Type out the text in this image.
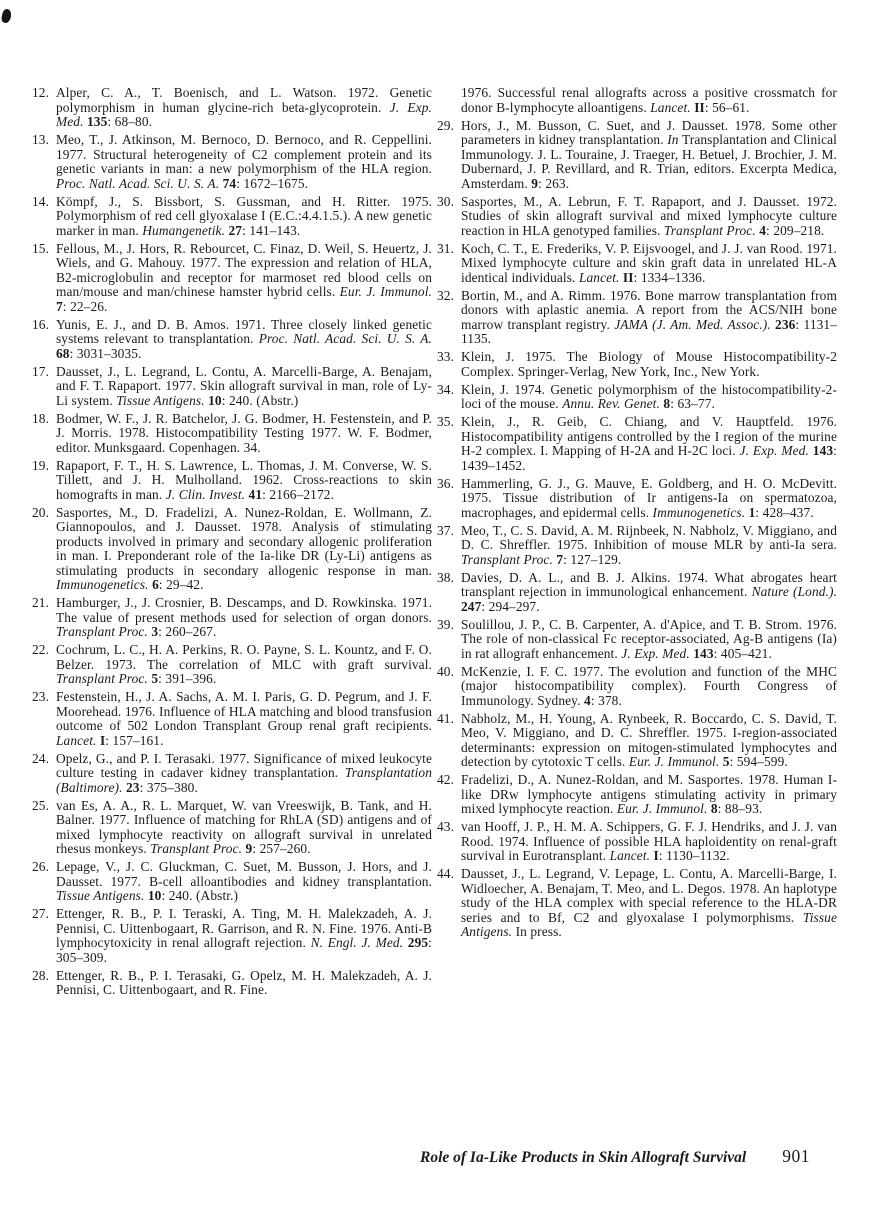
12. Alper, C. A., T. Boenisch, and L. Watson. 1972. Genetic polymorphism in human glycine-rich beta-glycoprotein. J. Exp. Med. 135: 68–80.
13. Meo, T., J. Atkinson, M. Bernoco, D. Bernoco, and R. Ceppellini. 1977. Structural heterogeneity of C2 complement protein and its genetic variants in man: a new polymorphism of the HLA region. Proc. Natl. Acad. Sci. U. S. A. 74: 1672–1675.
14. Kömpf, J., S. Bissbort, S. Gussman, and H. Ritter. 1975. Polymorphism of red cell glyoxalase I (E.C.:4.4.1.5.). A new genetic marker in man. Humangenetik. 27: 141–143.
15. Fellous, M., J. Hors, R. Rebourcet, C. Finaz, D. Weil, S. Heuertz, J. Wiels, and G. Mahouy. 1977. The expression and relation of HLA, B2-microglobulin and receptor for marmoset red blood cells on man/mouse and man/chinese hamster hybrid cells. Eur. J. Immunol. 7: 22–26.
16. Yunis, E. J., and D. B. Amos. 1971. Three closely linked genetic systems relevant to transplantation. Proc. Natl. Acad. Sci. U. S. A. 68: 3031–3035.
17. Dausset, J., L. Legrand, L. Contu, A. Marcelli-Barge, A. Benajam, and F. T. Rapaport. 1977. Skin allograft survival in man, role of Ly-Li system. Tissue Antigens. 10: 240. (Abstr.)
18. Bodmer, W. F., J. R. Batchelor, J. G. Bodmer, H. Festenstein, and P. J. Morris. 1978. Histocompatibility Testing 1977. W. F. Bodmer, editor. Munksgaard. Copenhagen. 34.
19. Rapaport, F. T., H. S. Lawrence, L. Thomas, J. M. Converse, W. S. Tillett, and J. H. Mulholland. 1962. Cross-reactions to skin homografts in man. J. Clin. Invest. 41: 2166–2172.
20. Sasportes, M., D. Fradelizi, A. Nunez-Roldan, E. Wollmann, Z. Giannopoulos, and J. Dausset. 1978. Analysis of stimulating products involved in primary and secondary allogenic proliferation in man. I. Preponderant role of the Ia-like DR (Ly-Li) antigens as stimulating products in secondary allogenic response in man. Immunogenetics. 6: 29–42.
21. Hamburger, J., J. Crosnier, B. Descamps, and D. Rowkinska. 1971. The value of present methods used for selection of organ donors. Transplant Proc. 3: 260–267.
22. Cochrum, L. C., H. A. Perkins, R. O. Payne, S. L. Kountz, and F. O. Belzer. 1973. The correlation of MLC with graft survival. Transplant Proc. 5: 391–396.
23. Festenstein, H., J. A. Sachs, A. M. I. Paris, G. D. Pegrum, and J. F. Moorehead. 1976. Influence of HLA matching and blood transfusion outcome of 502 London Transplant Group renal graft recipients. Lancet. I: 157–161.
24. Opelz, G., and P. I. Terasaki. 1977. Significance of mixed leukocyte culture testing in cadaver kidney transplantation. Transplantation (Baltimore). 23: 375–380.
25. van Es, A. A., R. L. Marquet, W. van Vreeswijk, B. Tank, and H. Balner. 1977. Influence of matching for RhLA (SD) antigens and of mixed lymphocyte reactivity on allograft survival in unrelated rhesus monkeys. Transplant Proc. 9: 257–260.
26. Lepage, V., J. C. Gluckman, C. Suet, M. Busson, J. Hors, and J. Dausset. 1977. B-cell alloantibodies and kidney transplantation. Tissue Antigens. 10: 240. (Abstr.)
27. Ettenger, R. B., P. I. Teraski, A. Ting, M. H. Malekzadeh, A. J. Pennisi, C. Uittenbogaart, R. Garrison, and R. N. Fine. 1976. Anti-B lymphocytoxicity in renal allograft rejection. N. Engl. J. Med. 295: 305–309.
28. Ettenger, R. B., P. I. Terasaki, G. Opelz, M. H. Malekzadeh, A. J. Pennisi, C. Uittenbogaart, and R. Fine.
1976. Successful renal allografts across a positive crossmatch for donor B-lymphocyte alloantigens. Lancet. II: 56–61.
29. Hors, J., M. Busson, C. Suet, and J. Dausset. 1978. Some other parameters in kidney transplantation. In Transplantation and Clinical Immunology. J. L. Touraine, J. Traeger, H. Betuel, J. Brochier, J. M. Dubernard, J. P. Revillard, and R. Trian, editors. Excerpta Medica, Amsterdam. 9: 263.
30. Sasportes, M., A. Lebrun, F. T. Rapaport, and J. Dausset. 1972. Studies of skin allograft survival and mixed lymphocyte culture reaction in HLA genotyped families. Transplant Proc. 4: 209–218.
31. Koch, C. T., E. Frederiks, V. P. Eijsvoogel, and J. J. van Rood. 1971. Mixed lymphocyte culture and skin graft data in unrelated HL-A identical individuals. Lancet. II: 1334–1336.
32. Bortin, M., and A. Rimm. 1976. Bone marrow transplantation from donors with aplastic anemia. A report from the ACS/NIH bone marrow transplant registry. JAMA (J. Am. Med. Assoc.). 236: 1131–1135.
33. Klein, J. 1975. The Biology of Mouse Histocompatibility-2 Complex. Springer-Verlag, New York, Inc., New York.
34. Klein, J. 1974. Genetic polymorphism of the histocompatibility-2-loci of the mouse. Annu. Rev. Genet. 8: 63–77.
35. Klein, J., R. Geib, C. Chiang, and V. Hauptfeld. 1976. Histocompatibility antigens controlled by the I region of the murine H-2 complex. I. Mapping of H-2A and H-2C loci. J. Exp. Med. 143: 1439–1452.
36. Hammerling, G. J., G. Mauve, E. Goldberg, and H. O. McDevitt. 1975. Tissue distribution of Ir antigens-Ia on spermatozoa, macrophages, and epidermal cells. Immunogenetics. 1: 428–437.
37. Meo, T., C. S. David, A. M. Rijnbeek, N. Nabholz, V. Miggiano, and D. C. Shreffler. 1975. Inhibition of mouse MLR by anti-Ia sera. Transplant Proc. 7: 127–129.
38. Davies, D. A. L., and B. J. Alkins. 1974. What abrogates heart transplant rejection in immunological enhancement. Nature (Lond.). 247: 294–297.
39. Soulillou, J. P., C. B. Carpenter, A. d'Apice, and T. B. Strom. 1976. The role of non-classical Fc receptor-associated, Ag-B antigens (Ia) in rat allograft enhancement. J. Exp. Med. 143: 405–421.
40. McKenzie, I. F. C. 1977. The evolution and function of the MHC (major histocompatibility complex). Fourth Congress of Immunology. Sydney. 4: 378.
41. Nabholz, M., H. Young, A. Rynbeek, R. Boccardo, C. S. David, T. Meo, V. Miggiano, and D. C. Shreffler. 1975. I-region-associated determinants: expression on mitogen-stimulated lymphocytes and detection by cytotoxic T cells. Eur. J. Immunol. 5: 594–599.
42. Fradelizi, D., A. Nunez-Roldan, and M. Sasportes. 1978. Human I-like DRw lymphocyte antigens stimulating activity in primary mixed lymphocyte reaction. Eur. J. Immunol. 8: 88–93.
43. van Hooff, J. P., H. M. A. Schippers, G. F. J. Hendriks, and J. J. van Rood. 1974. Influence of possible HLA haploidentity on renal-graft survival in Eurotransplant. Lancet. I: 1130–1132.
44. Dausset, J., L. Legrand, V. Lepage, L. Contu, A. Marcelli-Barge, I. Widloecher, A. Benajam, T. Meo, and L. Degos. 1978. An haplotype study of the HLA complex with special reference to the HLA-DR series and to Bf, C2 and glyoxalase I polymorphisms. Tissue Antigens. In press.
Role of Ia-Like Products in Skin Allograft Survival 901
